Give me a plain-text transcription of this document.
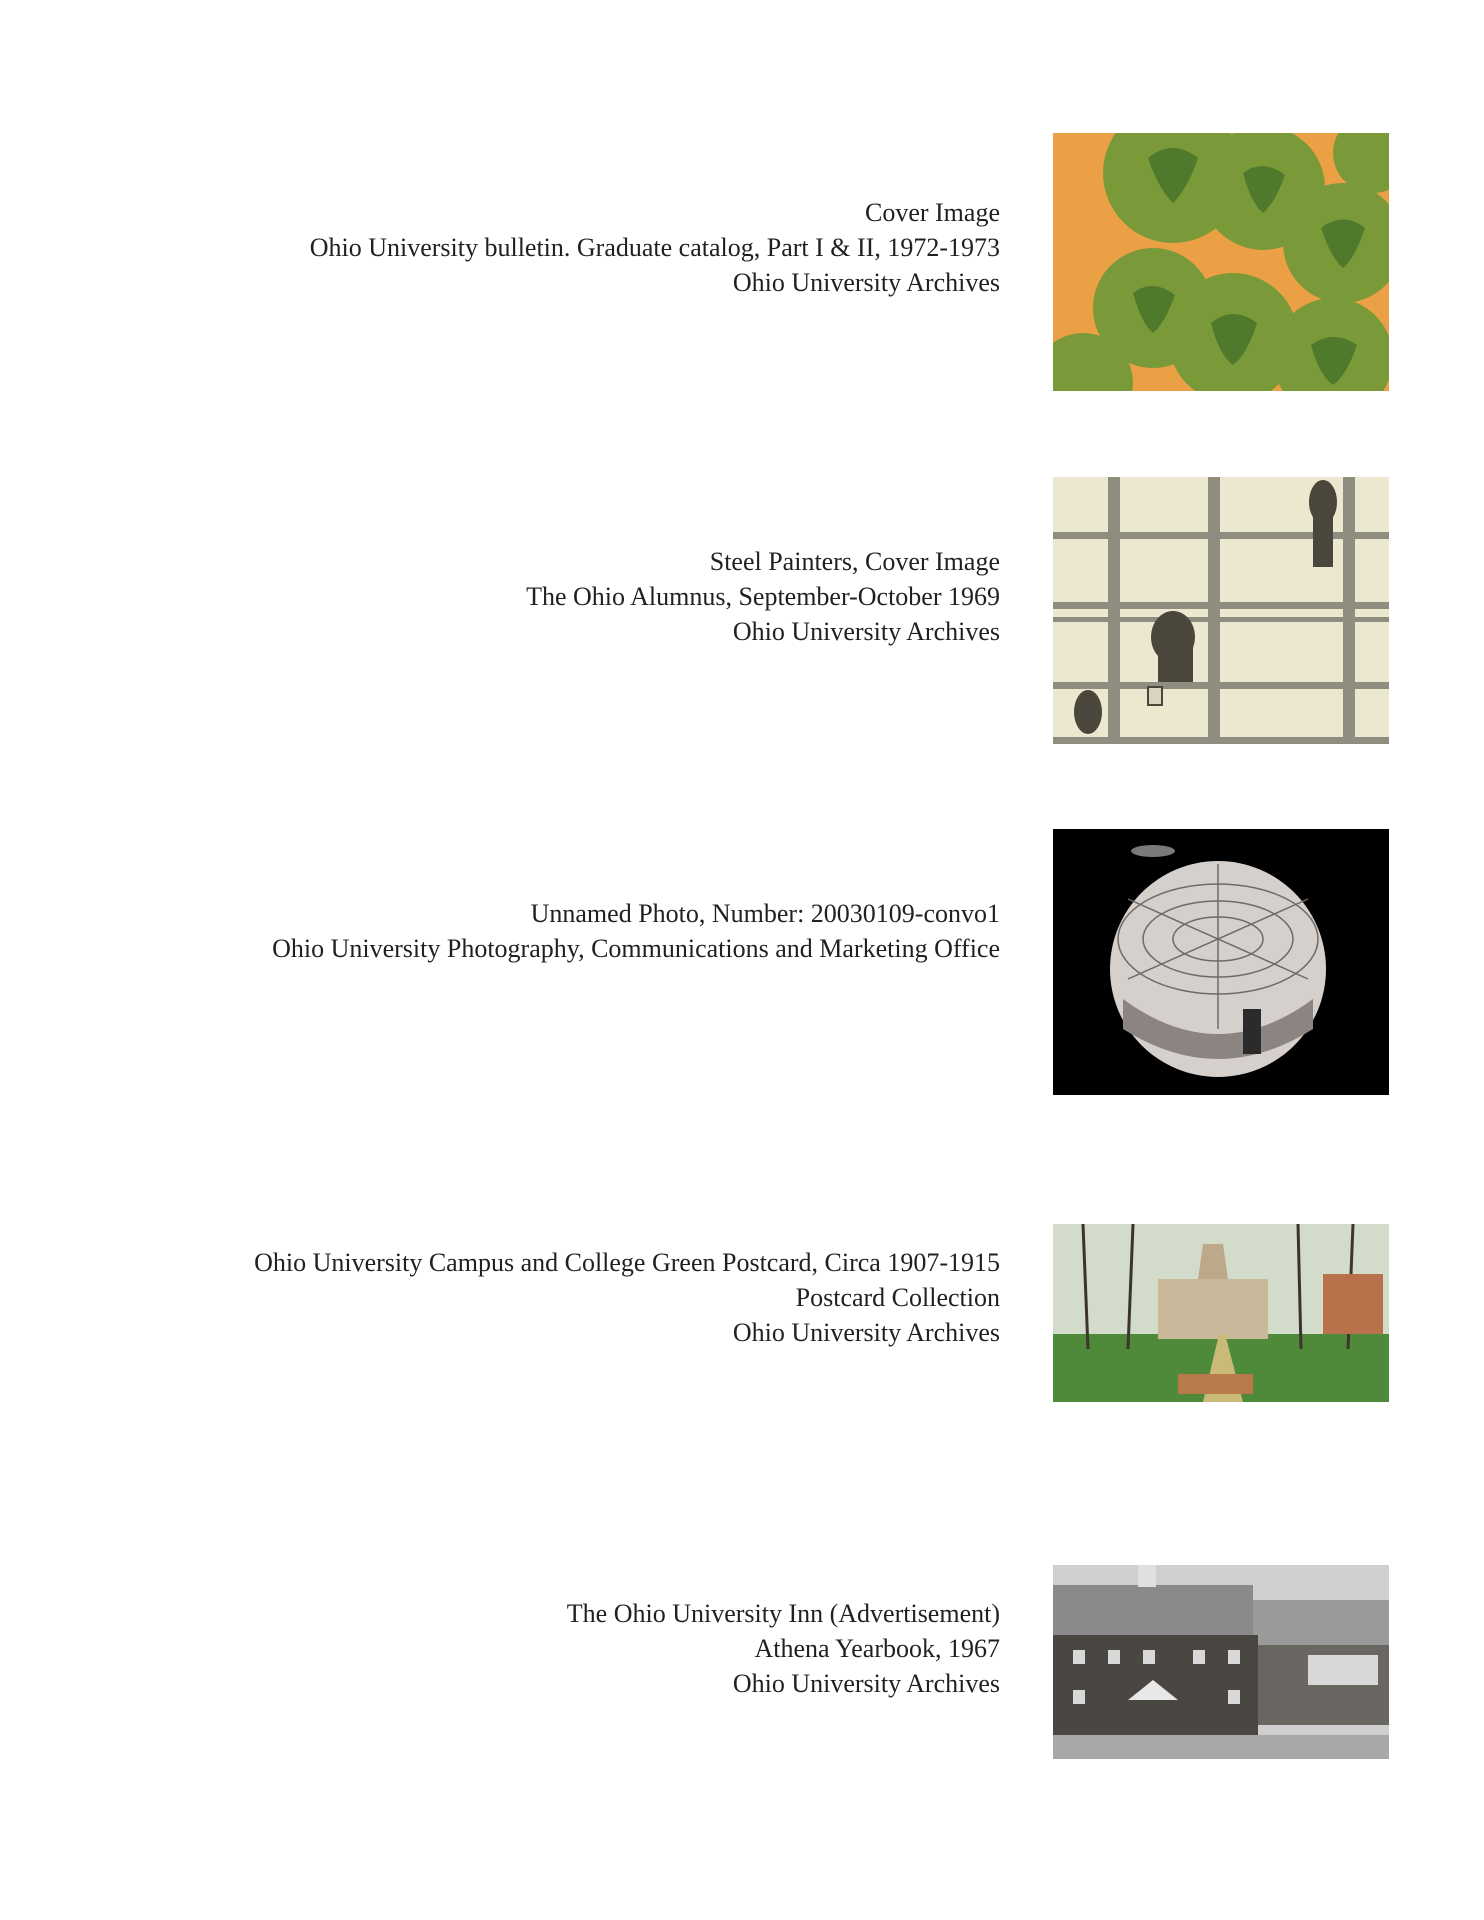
Cover Image
Ohio University bulletin. Graduate catalog, Part I & II, 1972-1973
Ohio University Archives
Steel Painters, Cover Image
The Ohio Alumnus, September-October 1969
Ohio University Archives
Unnamed Photo, Number: 20030109-convo1
Ohio University Photography, Communications and Marketing Office
Ohio University Campus and College Green Postcard, Circa 1907-1915
Postcard Collection
Ohio University Archives
The Ohio University Inn (Advertisement)
Athena Yearbook, 1967
Ohio University Archives
